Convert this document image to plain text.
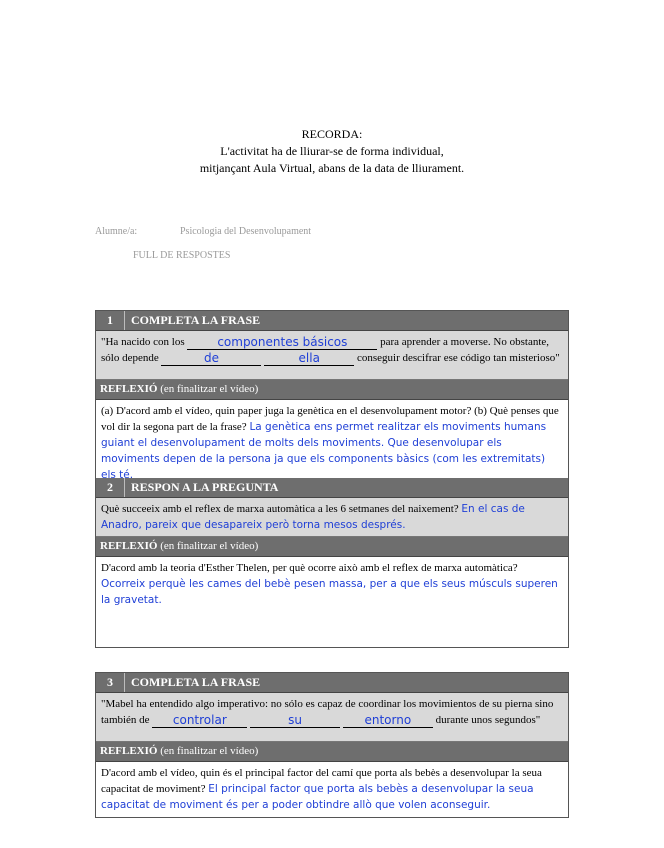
RECORDA:
L'activitat ha de lliurar-se de forma individual,
mitjançant Aula Virtual, abans de la data de lliurament.
Alumne/a:	Psicologia del Desenvolupament
FULL DE RESPOSTES
1	COMPLETA LA FRASE
"Ha nacido con los	componentes básicos	para aprender a moverse. No obstante, sólo depende	de	ella	conseguir descifrar ese código tan misterioso"
REFLEXIÓ (en finalitzar el vídeo)
(a) D'acord amb el vídeo, quin paper juga la genètica en el desenvolupament motor? (b) Què penses que vol dir la segona part de la frase? La genètica ens permet realitzar els moviments humans guiant el desenvolupament de molts dels moviments. Que desenvolupar els moviments depen de la persona ja que els components bàsics (com les extremitats) els té.
2	RESPON A LA PREGUNTA
Què succeeix amb el reflex de marxa automàtica a les 6 setmanes del naixement? En el cas de Anadro, pareix que desapareix però torna mesos després.
REFLEXIÓ (en finalitzar el vídeo)
D'acord amb la teoria d'Esther Thelen, per què ocorre això amb el reflex de marxa automàtica?
Ocorreix perquè les cames del bebè pesen massa, per a que els seus músculs superen la gravetat.
3	COMPLETA LA FRASE
"Mabel ha entendido algo imperativo: no sólo es capaz de coordinar los movimientos de su pierna sino también de controlar	su	entorno durante unos segundos"
REFLEXIÓ (en finalitzar el vídeo)
D'acord amb el vídeo, quin és el principal factor del camí que porta als bebès a desenvolupar la seua capacitat de moviment? El principal factor que porta als bebès a desenvolupar la seua capacitat de moviment és per a poder obtindre allò que volen aconseguir.
